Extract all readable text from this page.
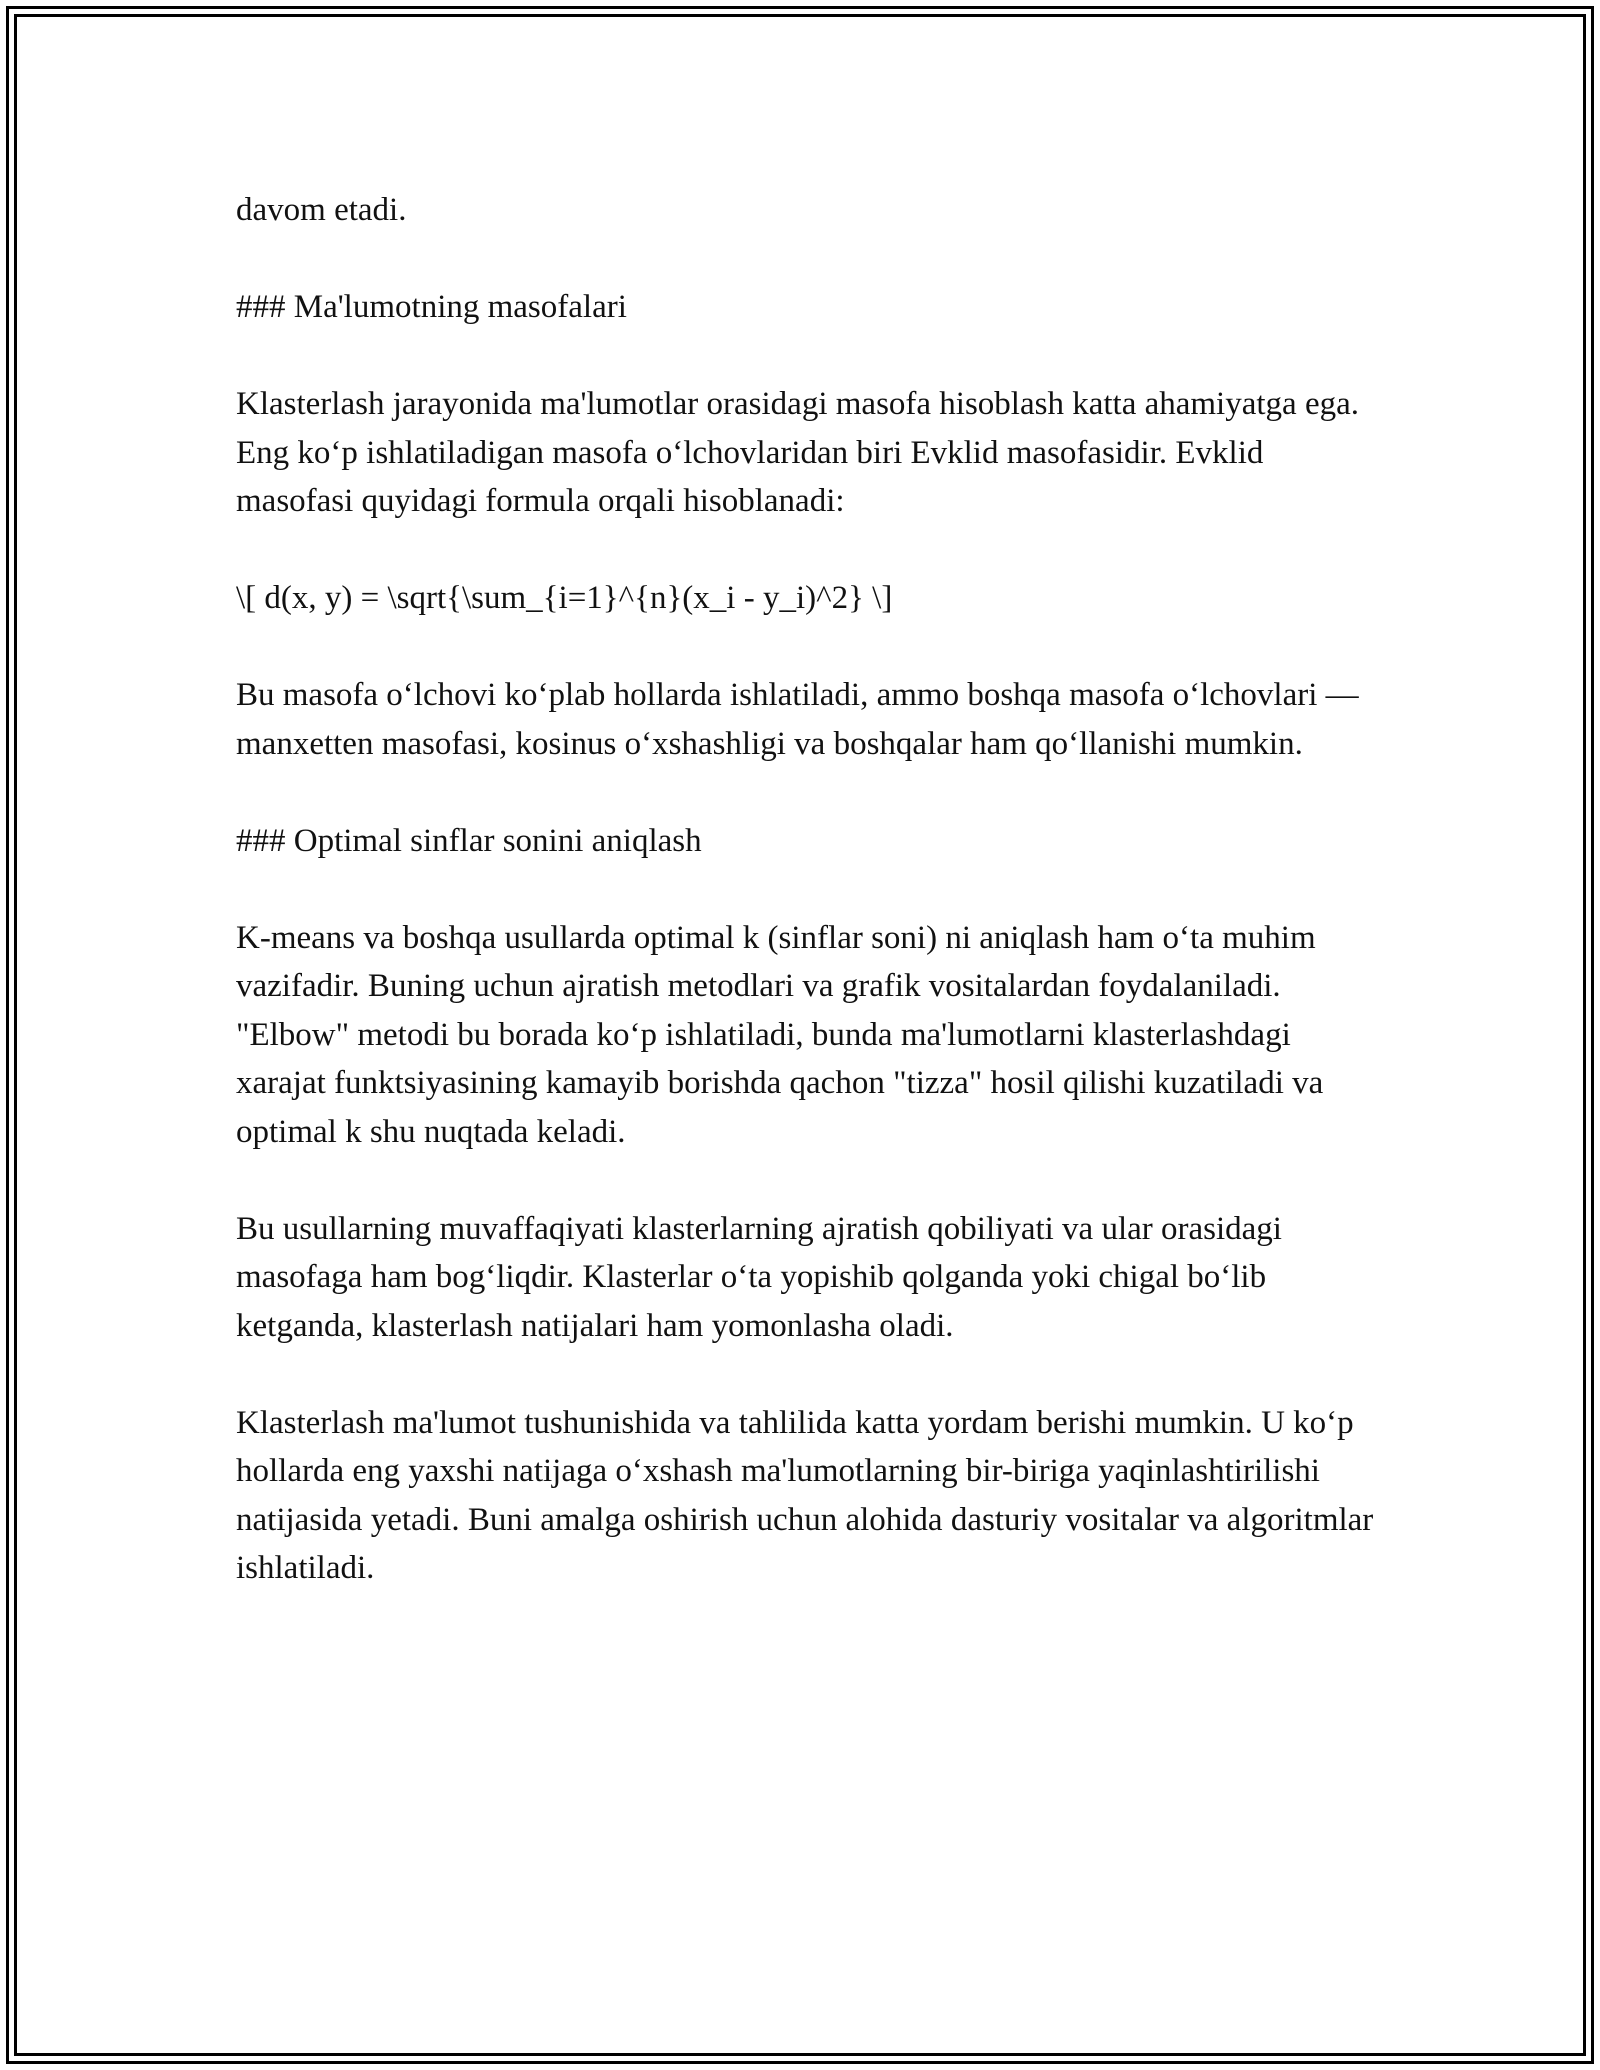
davom etadi.

### Ma'lumotning masofalari

Klasterlash jarayonida ma'lumotlar orasidagi masofa hisoblash katta ahamiyatga ega. Eng ko‘p ishlatiladigan masofa o‘lchovlaridan biri Evklid masofasidir. Evklid masofasi quyidagi formula orqali hisoblanadi:

\[ d(x, y) = \sqrt{\sum_{i=1}^{n}(x_i - y_i)^2} \]

Bu masofa o‘lchovi ko‘plab hollarda ishlatiladi, ammo boshqa masofa o‘lchovlari — manxetten masofasi, kosinus o‘xshashligi va boshqalar ham qo‘llanishi mumkin.

### Optimal sinflar sonini aniqlash

K-means va boshqa usullarda optimal k (sinflar soni) ni aniqlash ham o‘ta muhim vazifadir. Buning uchun ajratish metodlari va grafik vositalardan foydalaniladi. "Elbow" metodi bu borada ko‘p ishlatiladi, bunda ma'lumotlarni klasterlashdagi xarajat funktsiyasining kamayib borishda qachon "tizza" hosil qilishi kuzatiladi va optimal k shu nuqtada keladi.

Bu usullarning muvaffaqiyati klasterlarning ajratish qobiliyati va ular orasidagi masofaga ham bog‘liqdir. Klasterlar o‘ta yopishib qolganda yoki chigal bo‘lib ketganda, klasterlash natijalari ham yomonlasha oladi.

Klasterlash ma'lumot tushunishida va tahlilida katta yordam berishi mumkin. U ko‘p hollarda eng yaxshi natijaga o‘xshash ma'lumotlarning bir-biriga yaqinlashtirilishi natijasida yetadi. Buni amalga oshirish uchun alohida dasturiy vositalar va algoritmlar ishlatiladi.
